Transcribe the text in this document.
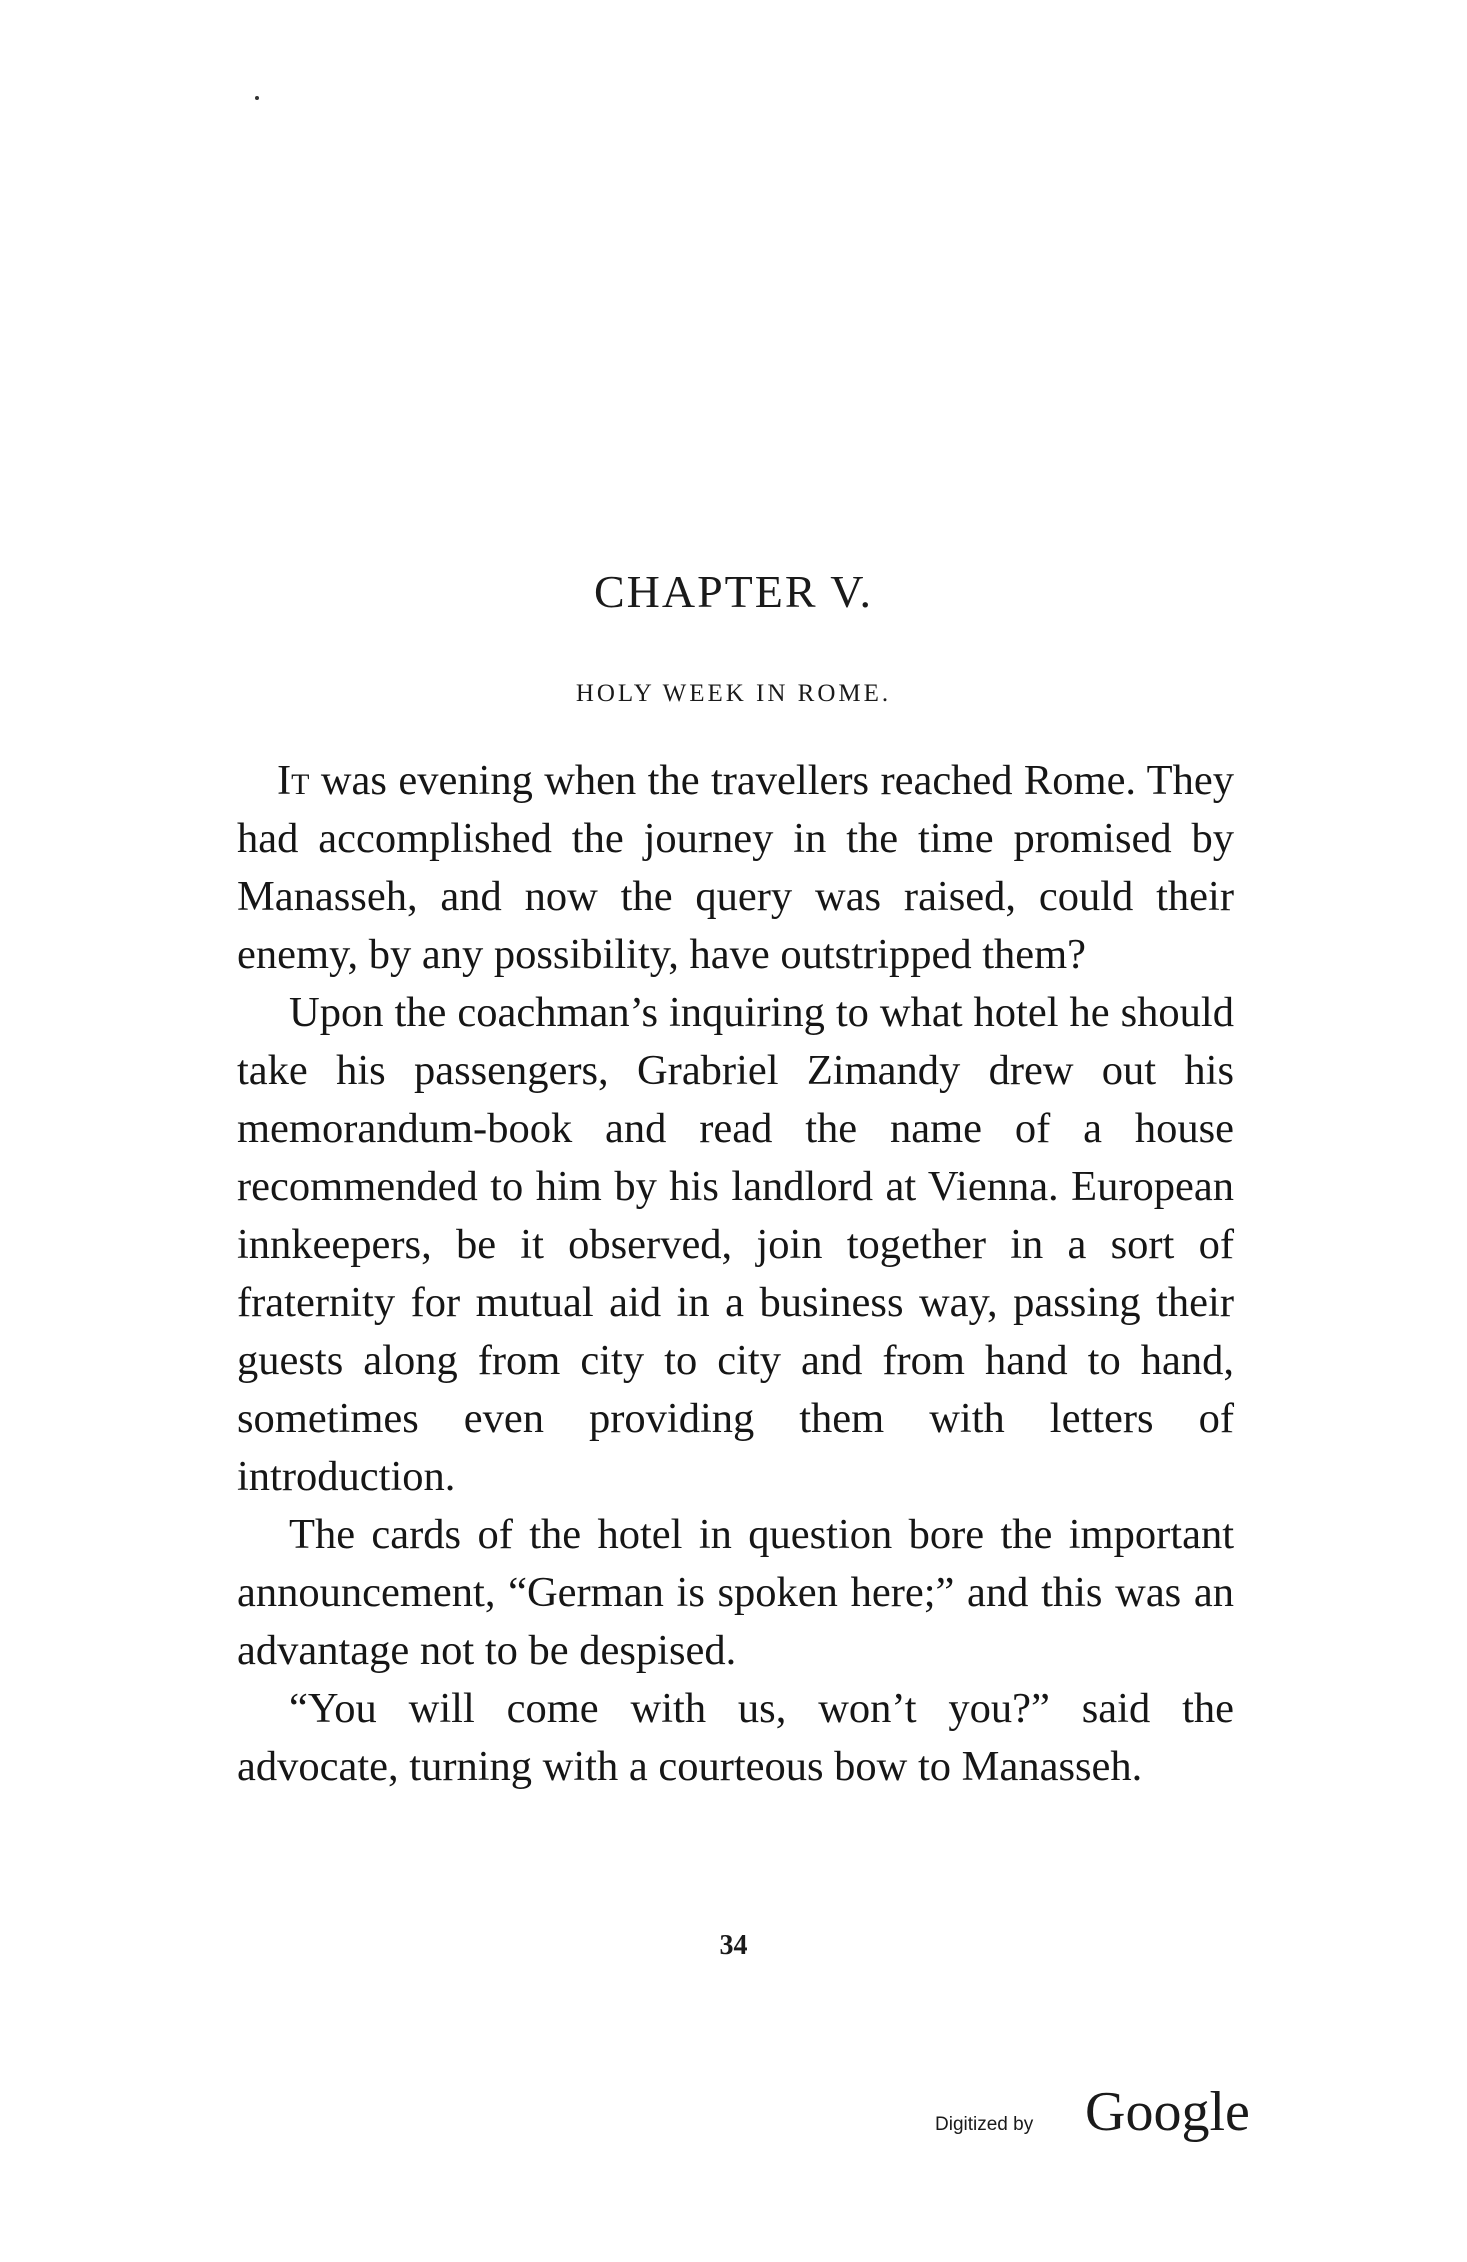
CHAPTER V.
HOLY WEEK IN ROME.

It was evening when the travellers reached Rome. They had accomplished the journey in the time promised by Manasseh, and now the query was raised, could their enemy, by any possibility, have outstripped them?

Upon the coachman’s inquiring to what hotel he should take his passengers, Grabriel Zimandy drew out his memorandum-book and read the name of a house recommended to him by his landlord at Vienna. European innkeepers, be it observed, join together in a sort of fraternity for mutual aid in a business way, passing their guests along from city to city and from hand to hand, sometimes even providing them with letters of introduction.

The cards of the hotel in question bore the important announcement, “German is spoken here;” and this was an advantage not to be despised.

“You will come with us, won’t you?” said the advocate, turning with a courteous bow to Manasseh.

34
Digitized by Google
